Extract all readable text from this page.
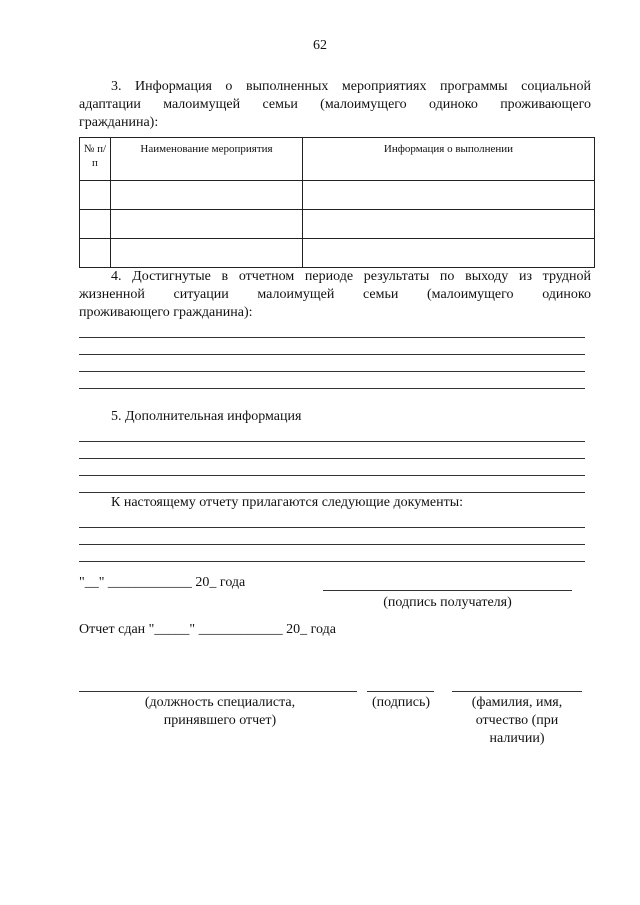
62
3. Информация о выполненных мероприятиях программы социальной
адаптации малоимущей семьи (малоимущего одиноко проживающего
гражданина):
№ п/п	Наименование мероприятия	Информация о выполнении

4. Достигнутые в отчетном периоде результаты по выходу из трудной
жизненной ситуации малоимущей семьи (малоимущего одиноко
проживающего гражданина):
5. Дополнительная информация
К настоящему отчету прилагаются следующие документы:
"__" ____________ 20_ года
(подпись получателя)
Отчет сдан "_____" ____________ 20_ года
(должность специалиста, принявшего отчет)
(подпись)	(фамилия, имя, отчество (при наличии)
